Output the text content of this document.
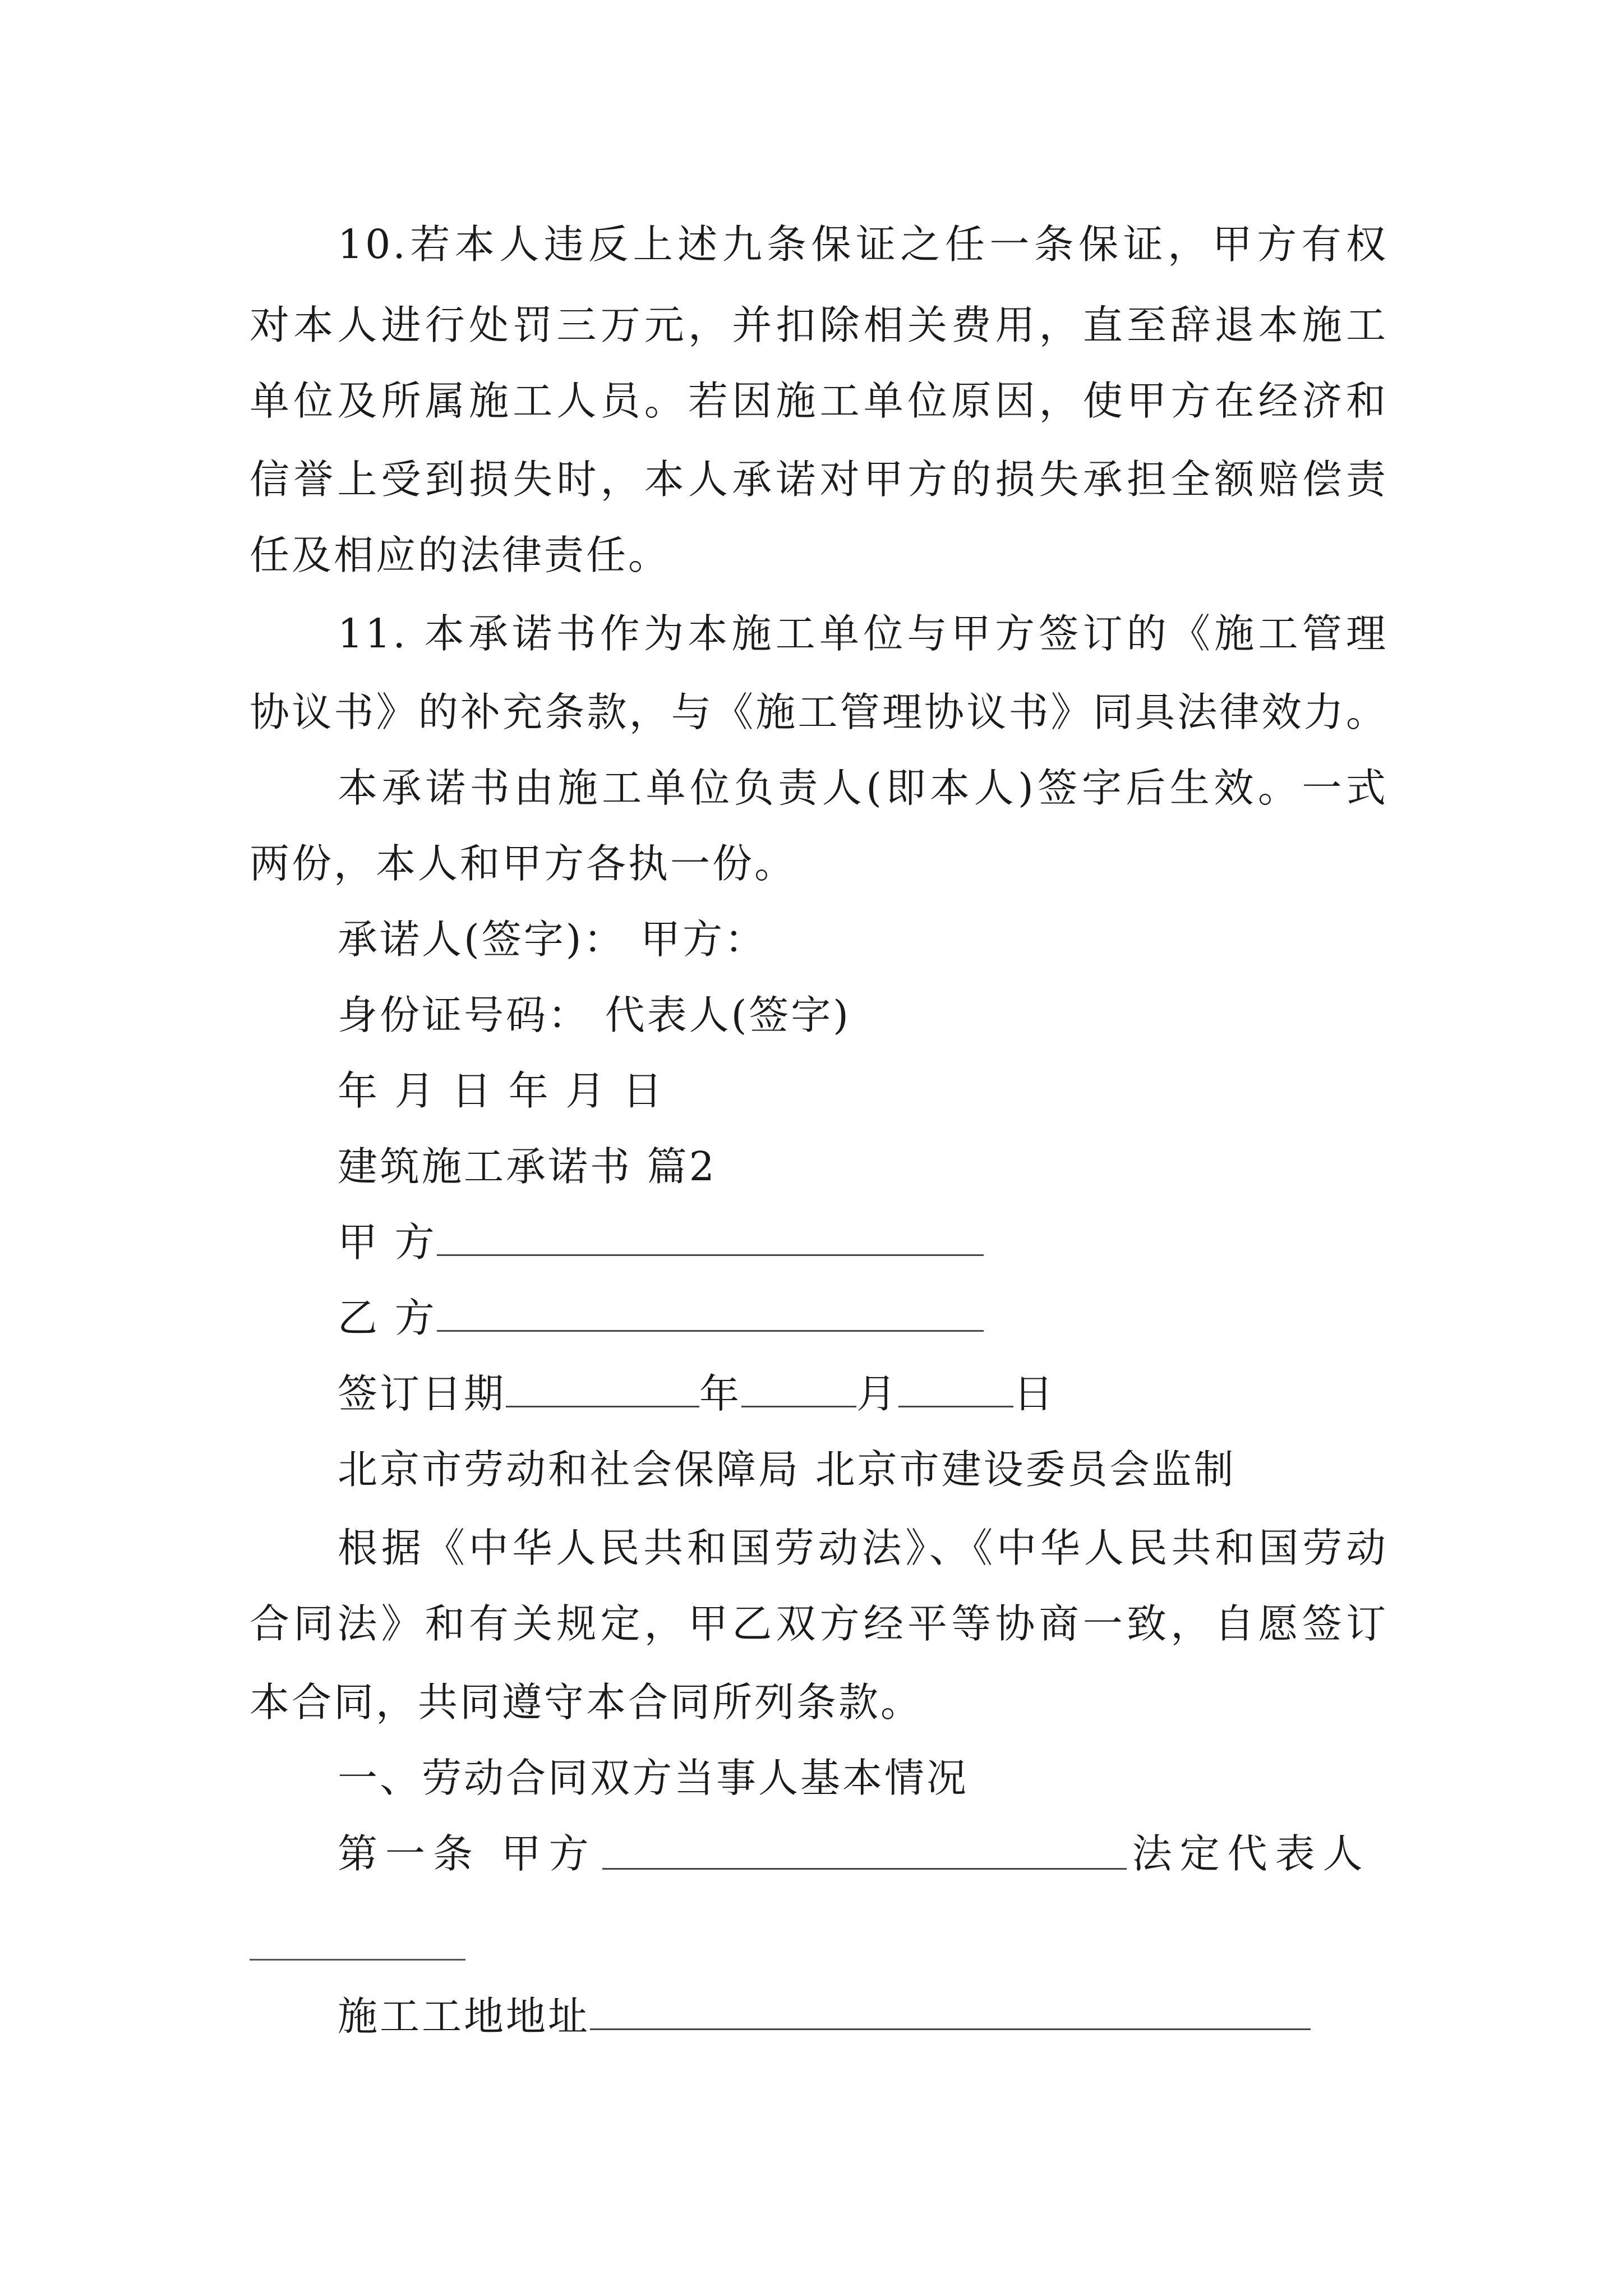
10.若本人违反上述九条保证之任一条保证，甲方有权
对本人进行处罚三万元，并扣除相关费用，直至辞退本施工
单位及所属施工人员。若因施工单位原因，使甲方在经济和
信誉上受到损失时，本人承诺对甲方的损失承担全额赔偿责
任及相应的法律责任。
11. 本承诺书作为本施工单位与甲方签订的《施工管理
协议书》的补充条款，与《施工管理协议书》同具法律效力。
本承诺书由施工单位负责人(即本人)签字后生效。一式
两份，本人和甲方各执一份。
承诺人(签字)： 甲方：
身份证号码： 代表人(签字)
年 月 日 年 月 日
建筑施工承诺书 篇2
甲 方
乙 方
签订日期	年	月	日
北京市劳动和社会保障局 北京市建设委员会监制
根据《中华人民共和国劳动法》、《中华人民共和国劳动
合同法》和有关规定，甲乙双方经平等协商一致，自愿签订
本合同，共同遵守本合同所列条款。
一、劳动合同双方当事人基本情况
第一条 甲方	法定代表人
施工工地地址
